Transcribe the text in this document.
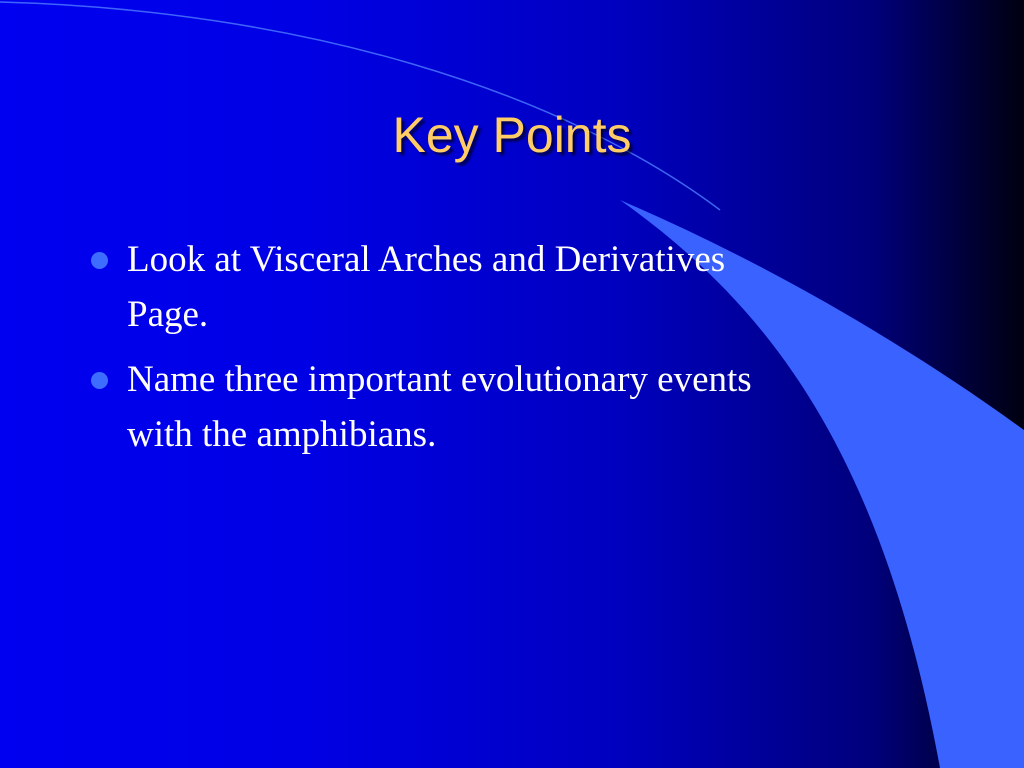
Key Points
Look at Visceral Arches and Derivatives
Page.
Name three important evolutionary events
with the amphibians.
